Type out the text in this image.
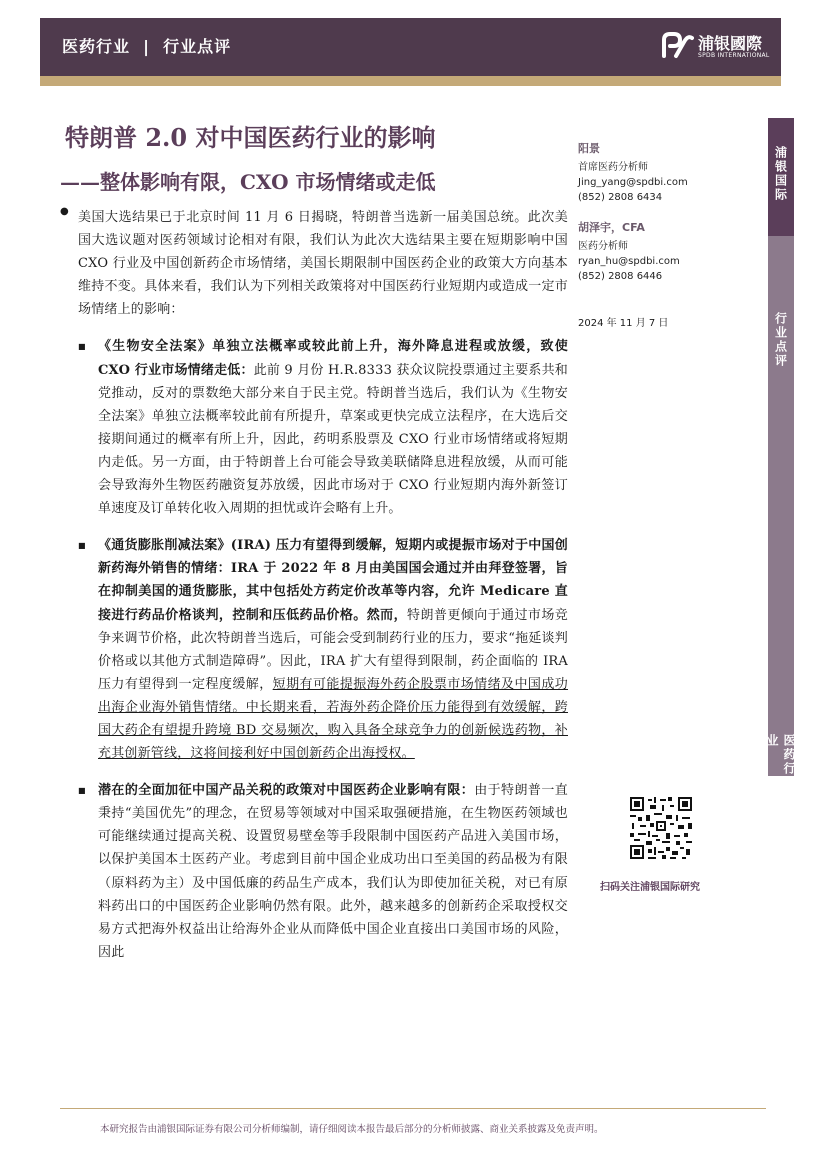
医药行业  |  行业点评	浦银國際
SPDB INTERNATIONAL
特朗普 2.0 对中国医药行业的影响
——整体影响有限，CXO 市场情绪或走低
● 美国大选结果已于北京时间 11 月 6 日揭晓，特朗普当选新一届美国总统。此次美国大选议题对医药领域讨论相对有限，我们认为此次大选结果主要在短期影响中国 CXO 行业及中国创新药企市场情绪，美国长期限制中国医药企业的政策大方向基本维持不变。具体来看，我们认为下列相关政策将对中国医药行业短期内或造成一定市场情绪上的影响：

■ 《生物安全法案》单独立法概率或较此前上升，海外降息进程或放缓，致使 CXO 行业市场情绪走低：此前 9 月份 H.R.8333 获众议院投票通过主要系共和党推动，反对的票数绝大部分来自于民主党。特朗普当选后，我们认为《生物安全法案》单独立法概率较此前有所提升，草案或更快完成立法程序，在大选后交接期间通过的概率有所上升，因此，药明系股票及 CXO 行业市场情绪或将短期内走低。另一方面，由于特朗普上台可能会导致美联储降息进程放缓，从而可能会导致海外生物医药融资复苏放缓，因此市场对于 CXO 行业短期内海外新签订单速度及订单转化收入周期的担忧或许会略有上升。

■ 《通货膨胀削减法案》(IRA) 压力有望得到缓解，短期内或提振市场对于中国创新药海外销售的情绪：IRA 于 2022 年 8 月由美国国会通过并由拜登签署，旨在抑制美国的通货膨胀，其中包括处方药定价改革等内容，允许 Medicare 直接进行药品价格谈判，控制和压低药品价格。然而，特朗普更倾向于通过市场竞争来调节价格，此次特朗普当选后，可能会受到制药行业的压力，要求“拖延谈判价格或以其他方式制造障碍”。因此，IRA 扩大有望得到限制，药企面临的 IRA 压力有望得到一定程度缓解，短期有可能提振海外药企股票市场情绪及中国成功出海企业海外销售情绪。中长期来看，若海外药企降价压力能得到有效缓解，跨国大药企有望提升跨境 BD 交易频次，购入具备全球竞争力的创新候选药物，补充其创新管线，这将间接利好中国创新药企出海授权。

■ 潜在的全面加征中国产品关税的政策对中国医药企业影响有限：由于特朗普一直秉持“美国优先”的理念，在贸易等领域对中国采取强硬措施，在生物医药领域也可能继续通过提高关税、设置贸易壁垒等手段限制中国医药产品进入美国市场，以保护美国本土医药产业。考虑到目前中国企业成功出口至美国的药品极为有限（原料药为主）及中国低廉的药品生产成本，我们认为即使加征关税，对已有原料药出口的中国医药企业影响仍然有限。此外，越来越多的创新药企采取授权交易方式把海外权益出让给海外企业从而降低中国企业直接出口美国市场的风险，因此

阳景

首席医药分析师

Jing_yang@spdbi.com

(852) 2808 6434

胡泽宇，CFA

医药分析师

ryan_hu@spdbi.com

(852) 2808 6446

2024 年 11 月 7 日
浦银国际
行业点评
医药行业
扫码关注浦银国际研究
本研究报告由浦银国际证券有限公司分析师编制，请仔细阅读本报告最后部分的分析师披露、商业关系披露及免责声明。
